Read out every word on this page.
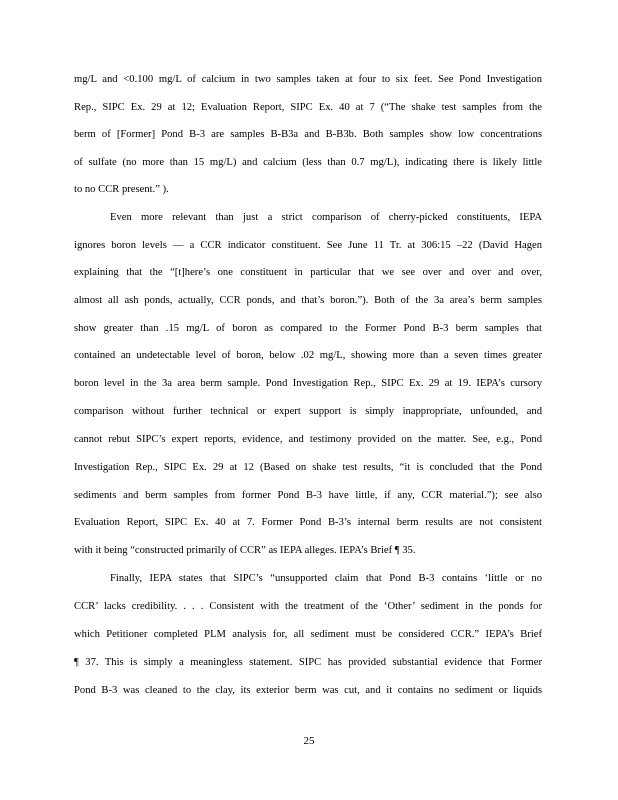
mg/L and <0.100 mg/L of calcium in two samples taken at four to six feet. See Pond Investigation
Rep., SIPC Ex. 29 at 12; Evaluation Report, SIPC Ex. 40 at 7 (“The shake test samples from the
berm of [Former] Pond B-3 are samples B-B3a and B-B3b. Both samples show low concentrations
of sulfate (no more than 15 mg/L) and calcium (less than 0.7 mg/L), indicating there is likely little
to no CCR present.” ).
Even more relevant than just a strict comparison of cherry-picked constituents, IEPA
ignores boron levels — a CCR indicator constituent. See June 11 Tr. at 306:15 –22 (David Hagen
explaining that the “[t]here’s one constituent in particular that we see over and over and over,
almost all ash ponds, actually, CCR ponds, and that’s boron.”). Both of the 3a area’s berm samples
show greater than .15 mg/L of boron as compared to the Former Pond B-3 berm samples that
contained an undetectable level of boron, below .02 mg/L, showing more than a seven times greater
boron level in the 3a area berm sample. Pond Investigation Rep., SIPC Ex. 29 at 19. IEPA’s cursory
comparison without further technical or expert support is simply inappropriate, unfounded, and
cannot rebut SIPC’s expert reports, evidence, and testimony provided on the matter. See, e.g., Pond
Investigation Rep., SIPC Ex. 29 at 12 (Based on shake test results, “it is concluded that the Pond
sediments and berm samples from former Pond B-3 have little, if any, CCR material.”); see also
Evaluation Report, SIPC Ex. 40 at 7. Former Pond B-3’s internal berm results are not consistent
with it being “constructed primarily of CCR” as IEPA alleges. IEPA’s Brief ¶ 35.
Finally, IEPA states that SIPC’s “unsupported claim that Pond B-3 contains ‘little or no
CCR’ lacks credibility. . . . Consistent with the treatment of the ‘Other’ sediment in the ponds for
which Petitioner completed PLM analysis for, all sediment must be considered CCR.” IEPA’s Brief
¶ 37. This is simply a meaningless statement. SIPC has provided substantial evidence that Former
Pond B-3 was cleaned to the clay, its exterior berm was cut, and it contains no sediment or liquids
25
